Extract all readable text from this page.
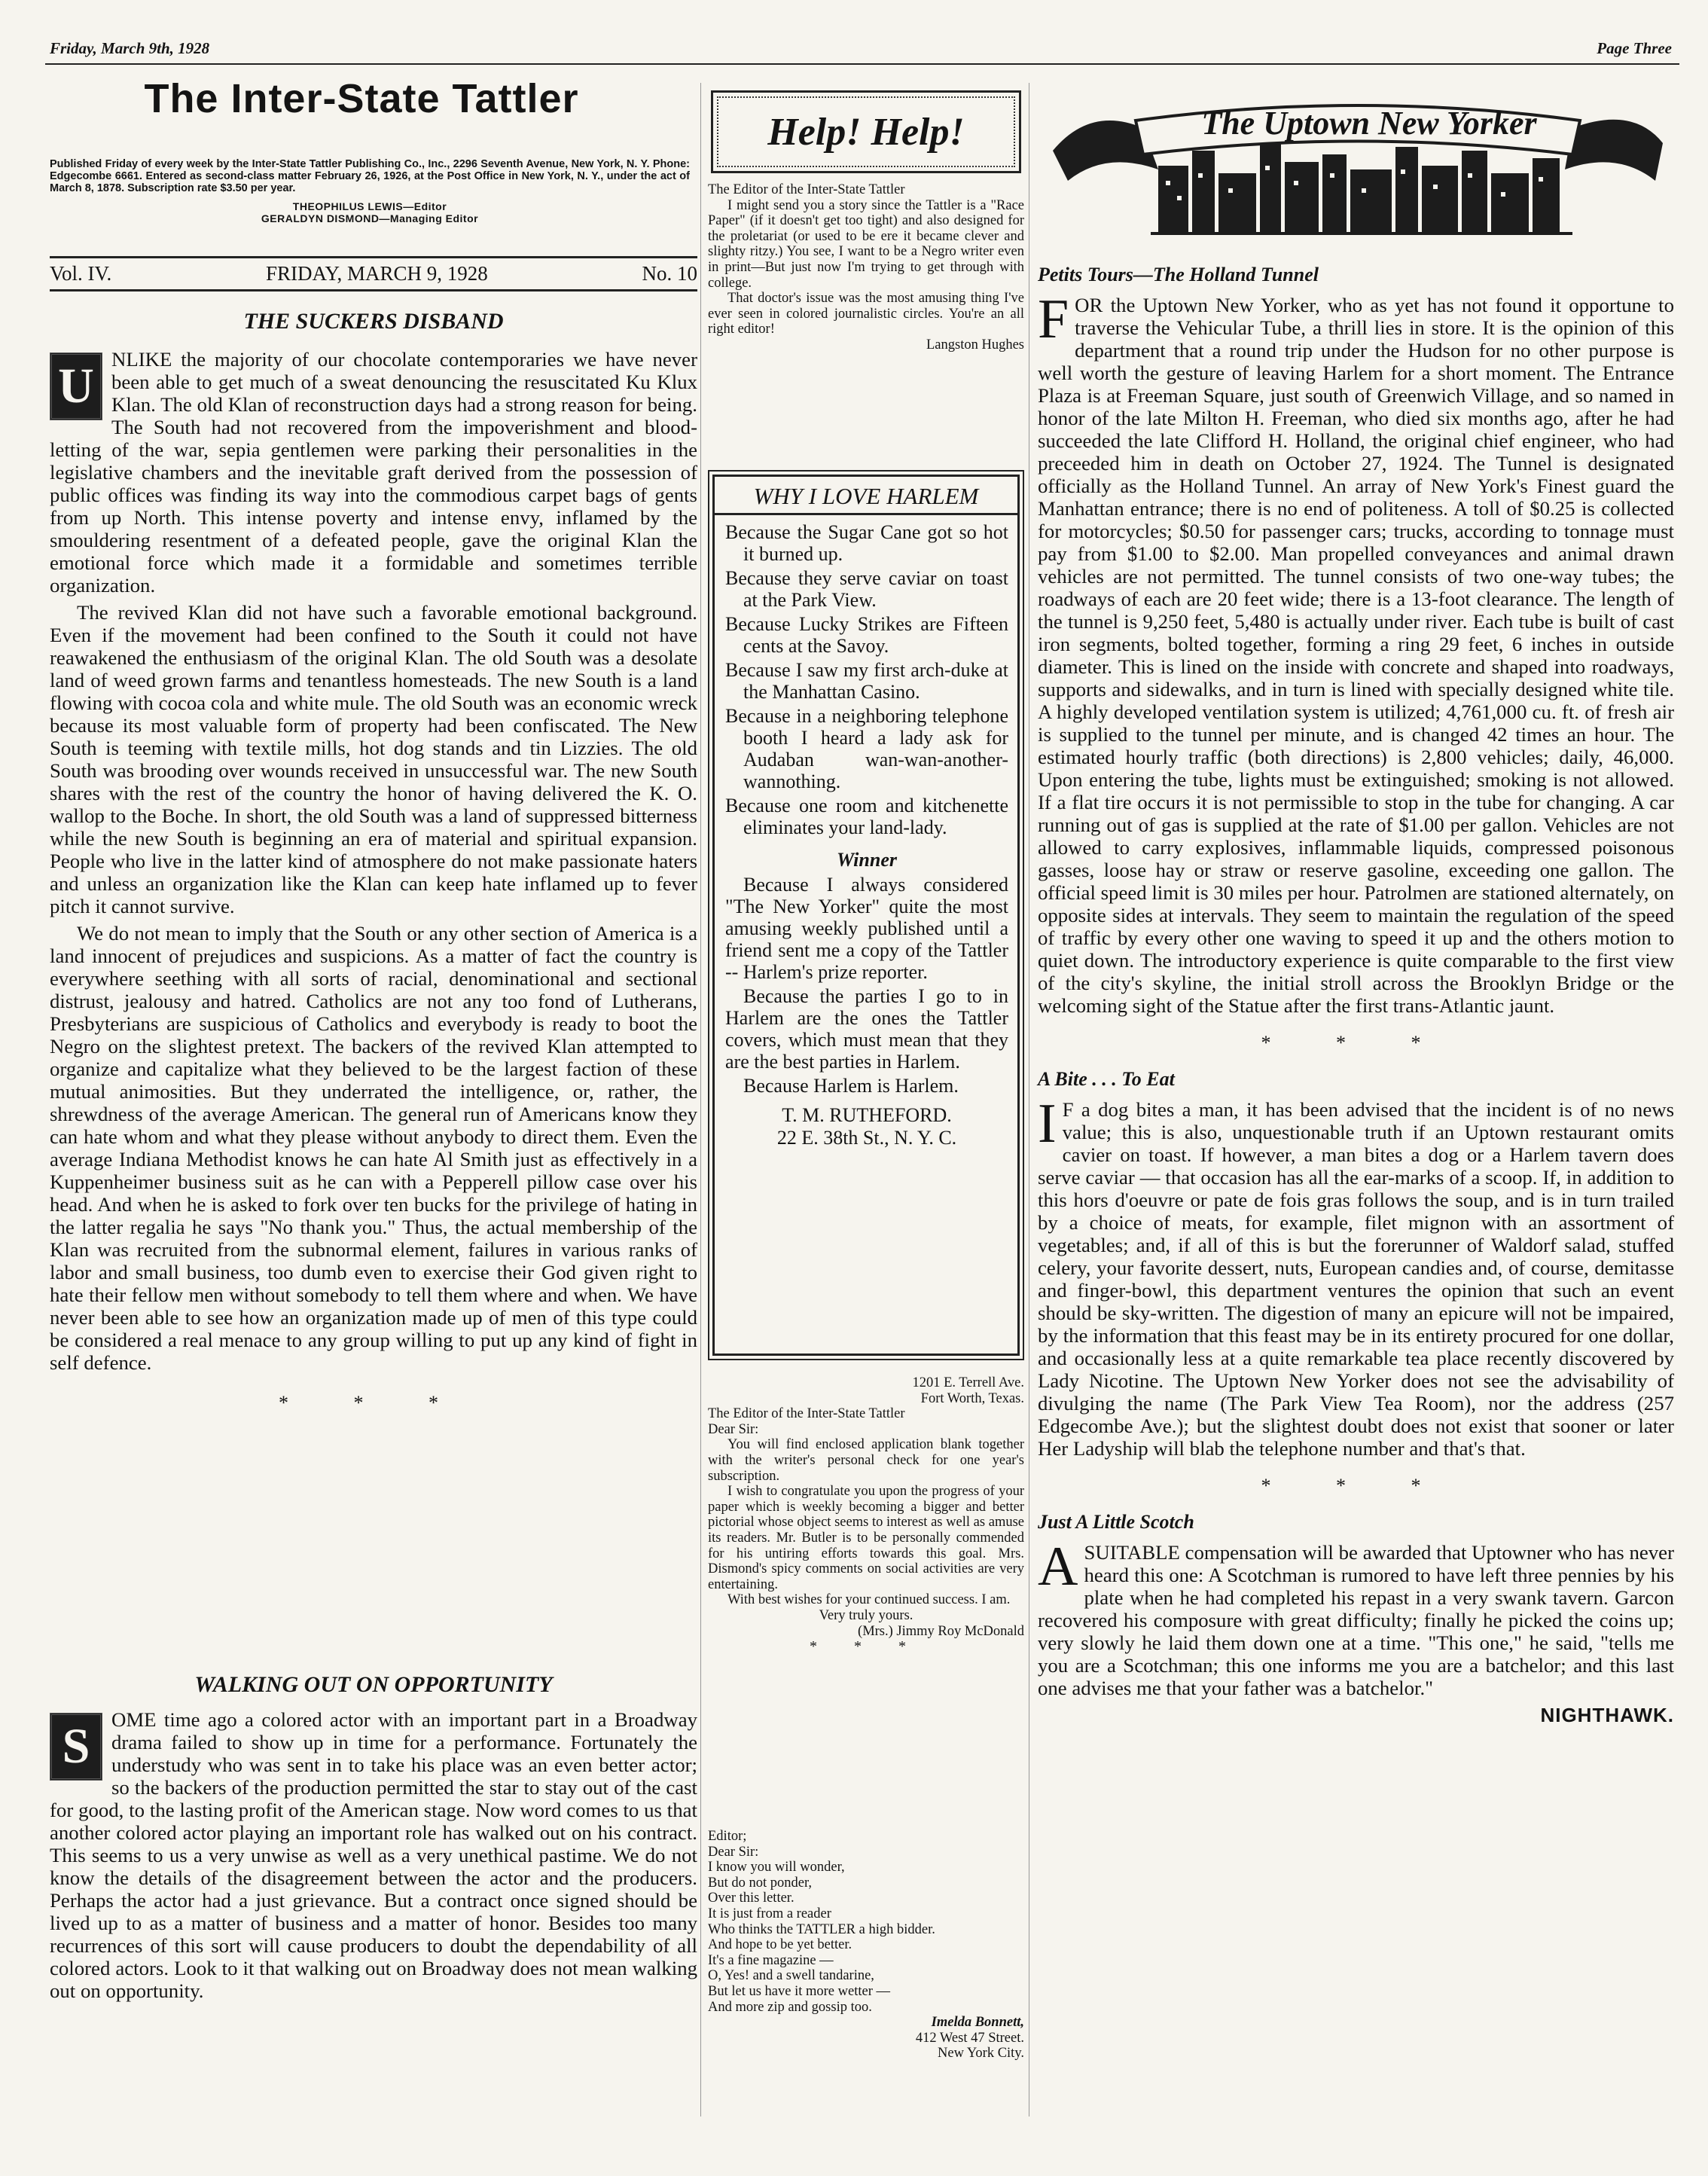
Friday, March 9th, 1928	Page Three
The Inter-State Tattler
Published Friday of every week by the Inter-State Tattler Publishing Co., Inc., 2296 Seventh Avenue, New York, N. Y. Phone: Edgecombe 6661. Entered as second-class matter February 26, 1926, at the Post Office in New York, N. Y., under the act of March 8, 1878. Subscription rate $3.50 per year.
THEOPHILUS LEWIS—Editor
GERALDYN DISMOND—Managing Editor
Vol. IV.	FRIDAY, MARCH 9, 1928	No. 10
THE SUCKERS DISBAND

U NLIKE the majority of our chocolate contemporaries we have never been able to get much of a sweat denouncing the resuscitated Ku Klux Klan. The old Klan of reconstruction days had a strong reason for being. The South had not recovered from the impoverishment and blood-letting of the war, sepia gentlemen were parking their personalities in the legislative chambers and the inevitable graft derived from the possession of public offices was finding its way into the commodious carpet bags of gents from up North. This intense poverty and intense envy, inflamed by the smouldering resentment of a defeated people, gave the original Klan the emotional force which made it a formidable and sometimes terrible organization.

The revived Klan did not have such a favorable emotional background. Even if the movement had been confined to the South it could not have reawakened the enthusiasm of the original Klan. The old South was a desolate land of weed grown farms and tenantless homesteads. The new South is a land flowing with cocoa cola and white mule. The old South was an economic wreck because its most valuable form of property had been confiscated. The New South is teeming with textile mills, hot dog stands and tin Lizzies. The old South was brooding over wounds received in unsuccessful war. The new South shares with the rest of the country the honor of having delivered the K. O. wallop to the Boche. In short, the old South was a land of suppressed bitterness while the new South is beginning an era of material and spiritual expansion. People who live in the latter kind of atmosphere do not make passionate haters and unless an organization like the Klan can keep hate inflamed up to fever pitch it cannot survive.

We do not mean to imply that the South or any other section of America is a land innocent of prejudices and suspicions. As a matter of fact the country is everywhere seething with all sorts of racial, denominational and sectional distrust, jealousy and hatred. Catholics are not any too fond of Lutherans, Presbyterians are suspicious of Catholics and everybody is ready to boot the Negro on the slightest pretext. The backers of the revived Klan attempted to organize and capitalize what they believed to be the largest faction of these mutual animosities. But they underrated the intelligence, or, rather, the shrewdness of the average American. The general run of Americans know they can hate whom and what they please without anybody to direct them. Even the average Indiana Methodist knows he can hate Al Smith just as effectively in a Kuppenheimer business suit as he can with a Pepperell pillow case over his head. And when he is asked to fork over ten bucks for the privilege of hating in the latter regalia he says "No thank you." Thus, the actual membership of the Klan was recruited from the subnormal element, failures in various ranks of labor and small business, too dumb even to exercise their God given right to hate their fellow men without somebody to tell them where and when. We have never been able to see how an organization made up of men of this type could be considered a real menace to any group willing to put up any kind of fight in self defence.

* * *
WALKING OUT ON OPPORTUNITY

S	OME time ago a colored actor with an important part in a Broadway drama failed to show up in time for a performance. Fortunately the understudy who was sent in to take his place was an even better actor; so the backers of the production permitted the star to stay out of the cast for good, to the lasting profit of the American stage. Now word comes to us that another colored actor playing an important role has walked out on his contract. This seems to us a very unwise as well as a very unethical pastime. We do not know the details of the disagreement between the actor and the producers. Perhaps the actor had a just grievance. But a contract once signed should be lived up to as a matter of business and a matter of honor. Besides too many recurrences of this sort will cause producers to doubt the dependability of all colored actors. Look to it that walking out on Broadway does not mean walking out on opportunity.

Help! Help!

The Editor of the Inter-State Tattler

I might send you a story since the Tattler is a "Race Paper" (if it doesn't get too tight) and also designed for the proletariat (or used to be ere it became clever and slighty ritzy.) You see, I want to be a Negro writer even in print—But just now I'm trying to get through with college.

That doctor's issue was the most amusing thing I've ever seen in colored journalistic circles. You're an all right editor!

Langston Hughes

WHY I LOVE HARLEM

Because the Sugar Cane got so hot it burned up.

Because they serve caviar on toast at the Park View.

Because Lucky Strikes are Fifteen cents at the Savoy.

Because I saw my first arch-duke at the Manhattan Casino.

Because in a neighboring telephone booth I heard a lady ask for Audaban wan-wan-another- wannothing.

Because one room and kitchenette eliminates your land-lady.

Winner

Because I always considered "The New Yorker" quite the most amusing weekly published until a friend sent me a copy of the Tattler -- Harlem's prize reporter.

Because the parties I go to in Harlem are the ones the Tattler covers, which must mean that they are the best parties in Harlem.

Because Harlem is Harlem.

T. M. RUTHEFORD.
22 E. 38th St., N. Y. C.

1201 E. Terrell Ave.

Fort Worth, Texas.

The Editor of the Inter-State Tattler

Dear Sir:

You will find enclosed application blank together with the writer's personal check for one year's subscription.

I wish to congratulate you upon the progress of your paper which is weekly becoming a bigger and better pictorial whose object seems to interest as well as amuse its readers. Mr. Butler is to be personally commended for his untiring efforts towards this goal. Mrs. Dismond's spicy comments on social activities are very entertaining.

With best wishes for your continued success. I am.

Very truly yours.

(Mrs.) Jimmy Roy McDonald

* * *

Editor;

Dear Sir:

I know you will wonder,

But do not ponder,

Over this letter.

It is just from a reader

Who thinks the TATTLER a high bidder.

And hope to be yet better.

It's a fine magazine —

O, Yes! and a swell tandarine,

But let us have it more wetter —

And more zip and gossip too.

Imelda Bonnett,

412 West 47 Street.

New York City.

The Uptown New Yorker
Petits Tours—The Holland Tunnel

FOR the Uptown New Yorker, who as yet has not found it opportune to traverse the Vehicular Tube, a thrill lies in store. It is the opinion of this department that a round trip under the Hudson for no other purpose is well worth the gesture of leaving Harlem for a short moment. The Entrance Plaza is at Freeman Square, just south of Greenwich Village, and so named in honor of the late Milton H. Freeman, who died six months ago, after he had succeeded the late Clifford H. Holland, the original chief engineer, who had preceeded him in death on October 27, 1924. The Tunnel is designated officially as the Holland Tunnel. An array of New York's Finest guard the Manhattan entrance; there is no end of politeness. A toll of $0.25 is collected for motorcycles; $0.50 for passenger cars; trucks, according to tonnage must pay from $1.00 to $2.00. Man propelled conveyances and animal drawn vehicles are not permitted. The tunnel consists of two one-way tubes; the roadways of each are 20 feet wide; there is a 13-foot clearance. The length of the tunnel is 9,250 feet, 5,480 is actually under river. Each tube is built of cast iron segments, bolted together, forming a ring 29 feet, 6 inches in outside diameter. This is lined on the inside with concrete and shaped into roadways, supports and sidewalks, and in turn is lined with specially designed white tile. A highly developed ventilation system is utilized; 4,761,000 cu. ft. of fresh air is supplied to the tunnel per minute, and is changed 42 times an hour. The estimated hourly traffic (both directions) is 2,800 vehicles; daily, 46,000. Upon entering the tube, lights must be extinguished; smoking is not allowed. If a flat tire occurs it is not permissible to stop in the tube for changing. A car running out of gas is supplied at the rate of $1.00 per gallon. Vehicles are not allowed to carry explosives, inflammable liquids, compressed poisonous gasses, loose hay or straw or reserve gasoline, exceeding one gallon. The official speed limit is 30 miles per hour. Patrolmen are stationed alternately, on opposite sides at intervals. They seem to maintain the regulation of the speed of traffic by every other one waving to speed it up and the others motion to quiet down. The introductory experience is quite comparable to the first view of the city's skyline, the initial stroll across the Brooklyn Bridge or the welcoming sight of the Statue after the first trans-Atlantic jaunt.

* * *
A Bite . . . To Eat

I F a dog bites a man, it has been advised that the incident is of no news value; this is also, unquestionable truth if an Uptown restaurant omits cavier on toast. If however, a man bites a dog or a Harlem tavern does serve caviar — that occasion has all the ear-marks of a scoop. If, in addition to this hors d'oeuvre or pate de fois gras follows the soup, and is in turn trailed by a choice of meats, for example, filet mignon with an assortment of vegetables; and, if all of this is but the forerunner of Waldorf salad, stuffed celery, your favorite dessert, nuts, European candies and, of course, demitasse and finger-bowl, this department ventures the opinion that such an event should be sky-written. The digestion of many an epicure will not be impaired, by the information that this feast may be in its entirety procured for one dollar, and occasionally less at a quite remarkable tea place recently discovered by Lady Nicotine. The Uptown New Yorker does not see the advisability of divulging the name (The Park View Tea Room), nor the address (257 Edgecombe Ave.); but the slightest doubt does not exist that sooner or later Her Ladyship will blab the telephone number and that's that.

* * *
Just A Little Scotch

ASUITABLE compensation will be awarded that Uptowner who has never heard this one: A Scotchman is rumored to have left three pennies by his plate when he had completed his repast in a very swank tavern. Garcon recovered his composure with great difficulty; finally he picked the coins up; very slowly he laid them down one at a time. "This one," he said, "tells me you are a Scotchman; this one informs me you are a batchelor; and this last one advises me that your father was a batchelor."

NIGHTHAWK.
